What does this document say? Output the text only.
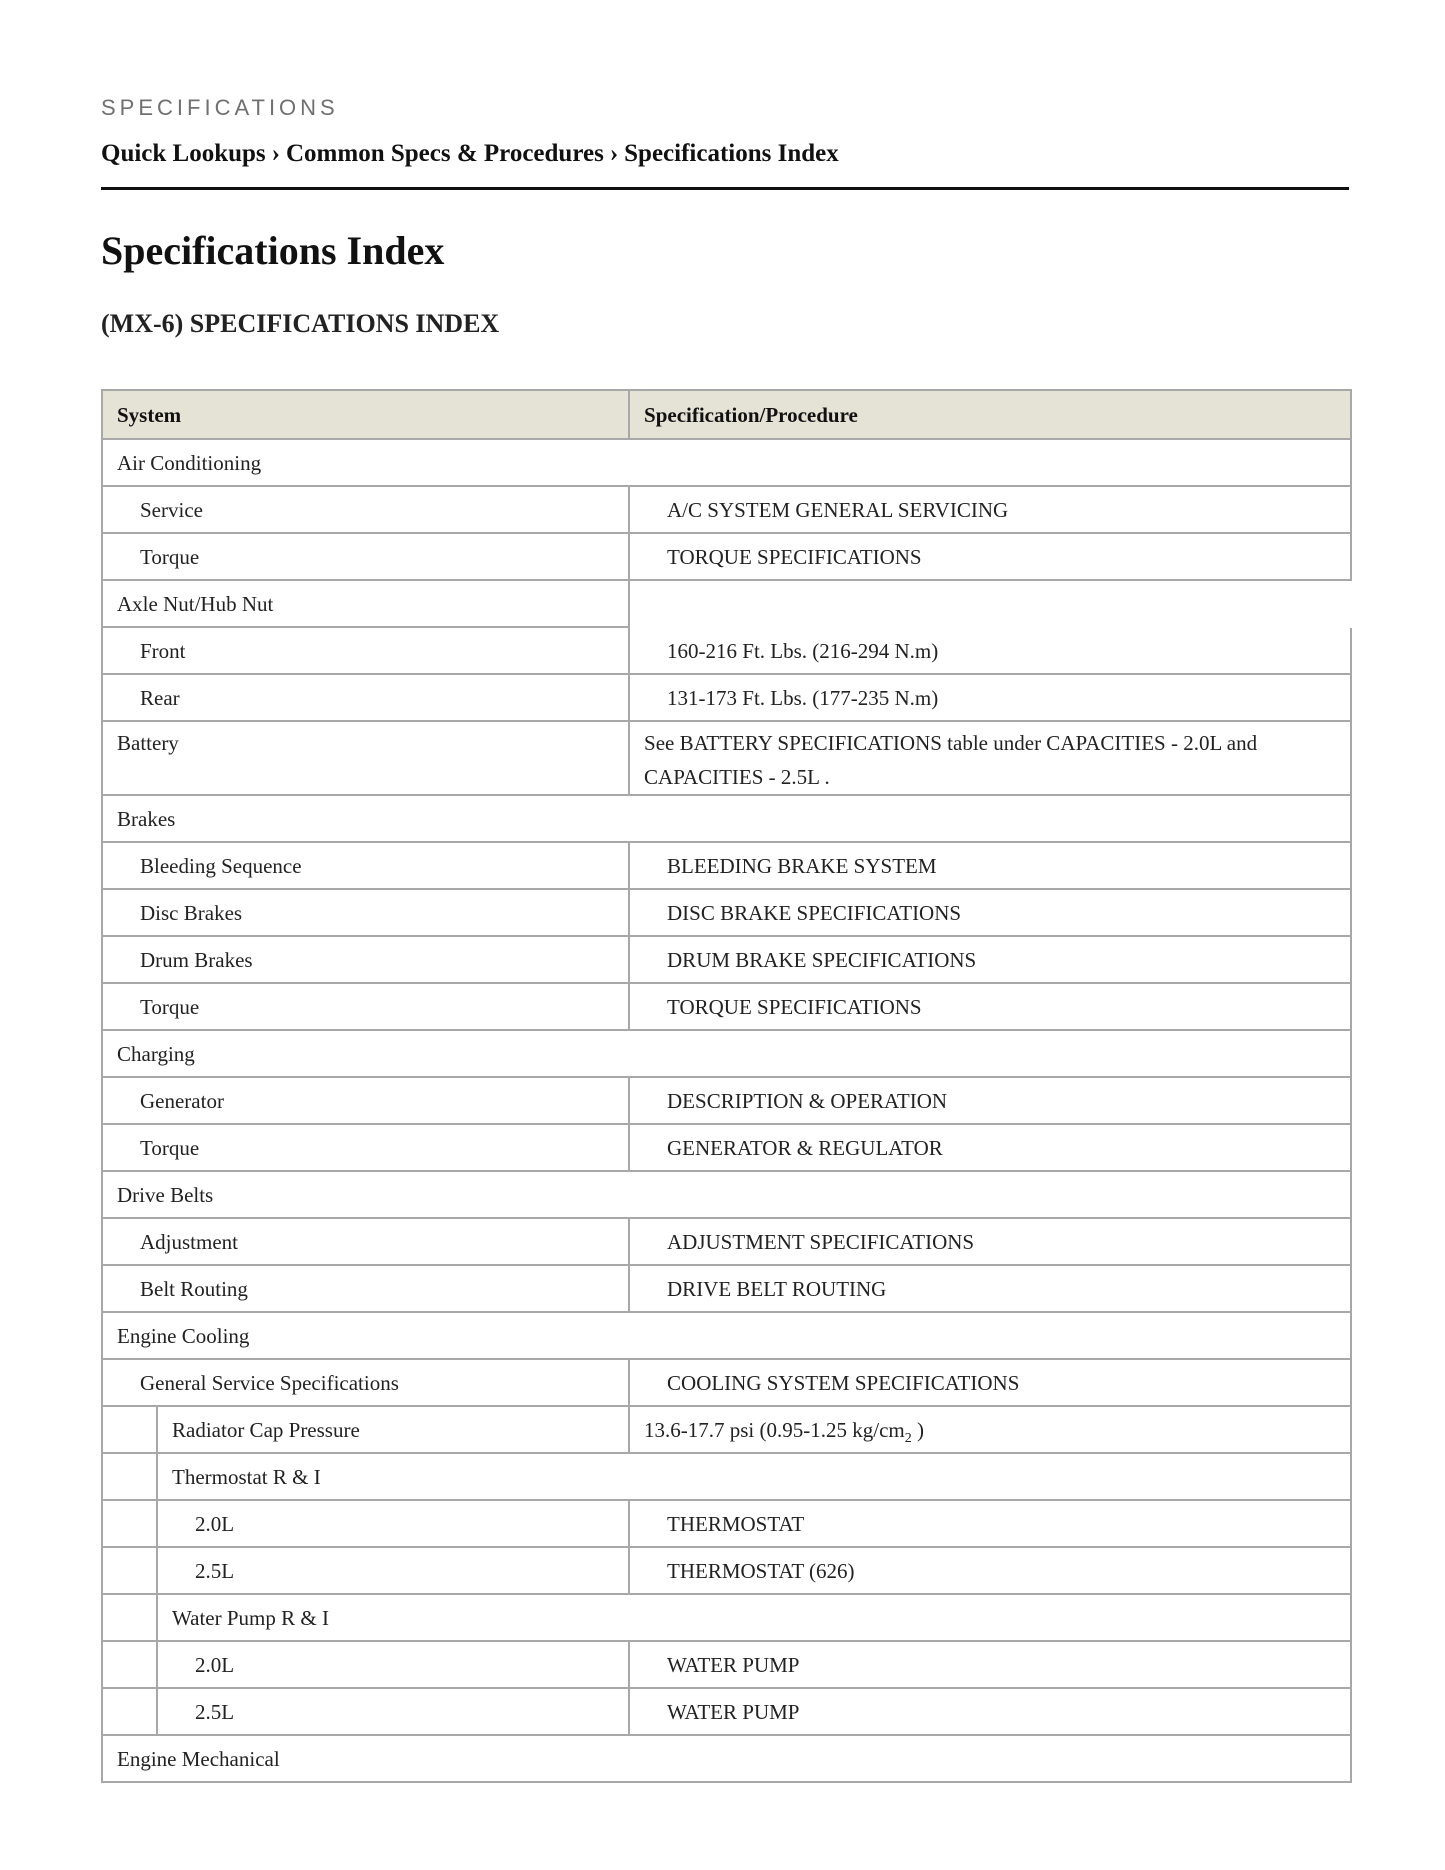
SPECIFICATIONS
Quick Lookups › Common Specs & Procedures › Specifications Index
Specifications Index
(MX-6) SPECIFICATIONS INDEX
System		Specification/Procedure
Air Conditioning		
Service		A/C SYSTEM GENERAL SERVICING
Torque		TORQUE SPECIFICATIONS
Axle Nut/Hub Nut		
Front		160-216 Ft. Lbs. (216-294 N.m)
Rear		131-173 Ft. Lbs. (177-235 N.m)
Battery		See BATTERY SPECIFICATIONS table under CAPACITIES - 2.0L and CAPACITIES - 2.5L .
Brakes		
Bleeding Sequence		BLEEDING BRAKE SYSTEM
Disc Brakes		DISC BRAKE SPECIFICATIONS
Drum Brakes		DRUM BRAKE SPECIFICATIONS
Torque		TORQUE SPECIFICATIONS
Charging		
Generator		DESCRIPTION & OPERATION
Torque		GENERATOR & REGULATOR
Drive Belts		
Adjustment		ADJUSTMENT SPECIFICATIONS
Belt Routing		DRIVE BELT ROUTING
Engine Cooling		
General Service Specifications		COOLING SYSTEM SPECIFICATIONS
	Radiator Cap Pressure	13.6-17.7 psi (0.95-1.25 $kg/cm_2$ )
	Thermostat R & I	
	2.0L	THERMOSTAT
	2.5L	THERMOSTAT (626)
	Water Pump R & I	
	2.0L	WATER PUMP
	2.5L	WATER PUMP
Engine Mechanical		
